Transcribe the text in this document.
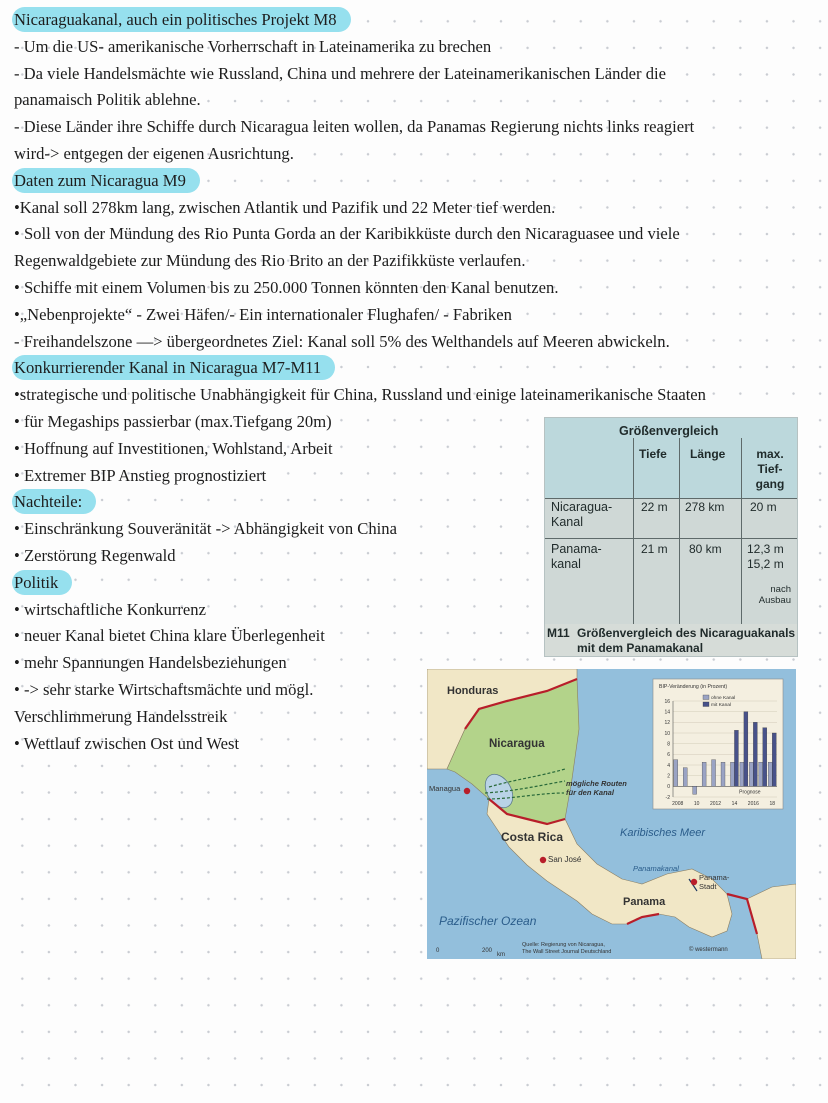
Nicaraguakanal, auch ein politisches Projekt M8
- Um die US- amerikanische Vorherrschaft in Lateinamerika zu brechen
- Da viele Handelsmächte wie Russland, China und mehrere der Lateinamerikanischen Länder die
panamaisch Politik ablehne.
- Diese Länder ihre Schiffe durch Nicaragua leiten wollen, da Panamas Regierung nichts links reagiert
wird-> entgegen der eigenen Ausrichtung.
Daten zum Nicaragua M9
•Kanal soll 278km lang, zwischen Atlantik und Pazifik und 22 Meter tief werden.
• Soll von der Mündung des Rio Punta Gorda an der Karibikküste durch den Nicaraguasee und viele
Regenwaldgebiete zur Mündung des Rio Brito an der Pazifikküste verlaufen.
• Schiffe mit einem Volumen bis zu 250.000 Tonnen könnten den Kanal benutzen.
•„Nebenprojekte“ - Zwei Häfen/- Ein internationaler Flughafen/ - Fabriken
- Freihandelszone —> übergeordnetes Ziel: Kanal soll 5% des Welthandels auf Meeren abwickeln.
Konkurrierender Kanal in Nicaragua M7-M11
•strategische und politische Unabhängigkeit für China, Russland und einige lateinamerikanische Staaten
• für Megaships passierbar (max.Tiefgang 20m)
• Hoffnung auf Investitionen, Wohlstand, Arbeit
• Extremer BIP Anstieg prognostiziert
Nachteile:
• Einschränkung Souveränität -> Abhängigkeit von China
• Zerstörung Regenwald
Politik
• wirtschaftliche Konkurrenz
• neuer Kanal bietet China klare Überlegenheit
• mehr Spannungen Handelsbeziehungen
• -> sehr starke Wirtschaftsmächte und mögl.
Verschlimmerung Handelsstreik
• Wettlauf zwischen Ost und West
Größenvergleich
Tiefe Länge	max.
Tief-
gang
Nicaragua-
Kanal
22 m 278 km 20 m
Panama-
kanal
21 m 80 km 12,3 m
15,2 m
nach
Ausbau
M11 Größenvergleich des Nicaraguakanals
mit dem Panamakanal
BIP-Veränderung (in Prozent)
16
14
12
10
8
6
4
2
0
-2
ohne Kanal
mit Kanal
Prognose
2008 10 2012 14 2016 18
Honduras
Nicaragua
Managua
mögliche Routen
für den Kanal
Costa Rica
San José
Karibisches Meer
Panamakanal
Panama-
Stadt
Panama
Pazifischer Ozean
0	200
km
Quelle: Regierung von Nicaragua,
The Wall Street Journal Deutschland	© westermann
